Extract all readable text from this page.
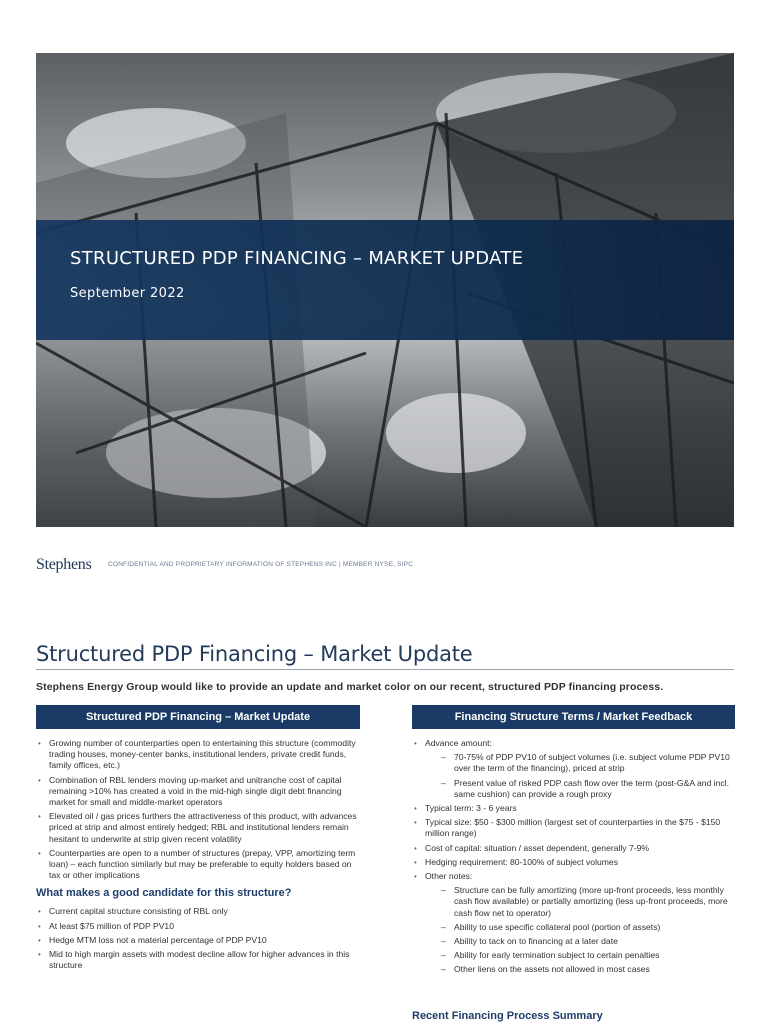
STRUCTURED PDP FINANCING – MARKET UPDATE
September 2022
Stephens	CONFIDENTIAL AND PROPRIETARY INFORMATION OF STEPHENS INC | MEMBER NYSE, SIPC
Structured PDP Financing – Market Update
Stephens Energy Group would like to provide an update and market color on our recent, structured PDP financing process.
Structured PDP Financing – Market Update
• Growing number of counterparties open to entertaining this structure (commodity trading houses, money-center banks, institutional lenders, private credit funds, family offices, etc.)
• Combination of RBL lenders moving up-market and unitranche cost of capital remaining >10% has created a void in the mid-high single digit debt financing market for small and middle-market operators
• Elevated oil / gas prices furthers the attractiveness of this product, with advances priced at strip and almost entirely hedged; RBL and institutional lenders remain hesitant to underwrite at strip given recent volatility
• Counterparties are open to a number of structures (prepay, VPP, amortizing term loan) – each function similarly but may be preferable to equity holders based on tax or other implications
What makes a good candidate for this structure?
• Current capital structure consisting of RBL only
• At least $75 million of PDP PV10
• Hedge MTM loss not a material percentage of PDP PV10
• Mid to high margin assets with modest decline allow for higher advances in this structure
Financing Structure Terms / Market Feedback
• Advance amount:
– 70-75% of PDP PV10 of subject volumes (i.e. subject volume PDP PV10 over the term of the financing), priced at strip
– Present value of risked PDP cash flow over the term (post-G&A and incl. same cushion) can provide a rough proxy
• Typical term: 3 - 6 years
• Typical size: $50 - $300 million (largest set of counterparties in the $75 - $150 million range)
• Cost of capital: situation / asset dependent, generally 7-9%
• Hedging requirement: 80-100% of subject volumes
• Other notes:
– Structure can be fully amortizing (more up-front proceeds, less monthly cash flow available) or partially amortizing (less up-front proceeds, more cash flow net to operator)
– Ability to use specific collateral pool (portion of assets)
– Ability to tack on to financing at a later date
– Ability for early termination subject to certain penalties
– Other liens on the assets not allowed in most cases
Recent Financing Process Summary
